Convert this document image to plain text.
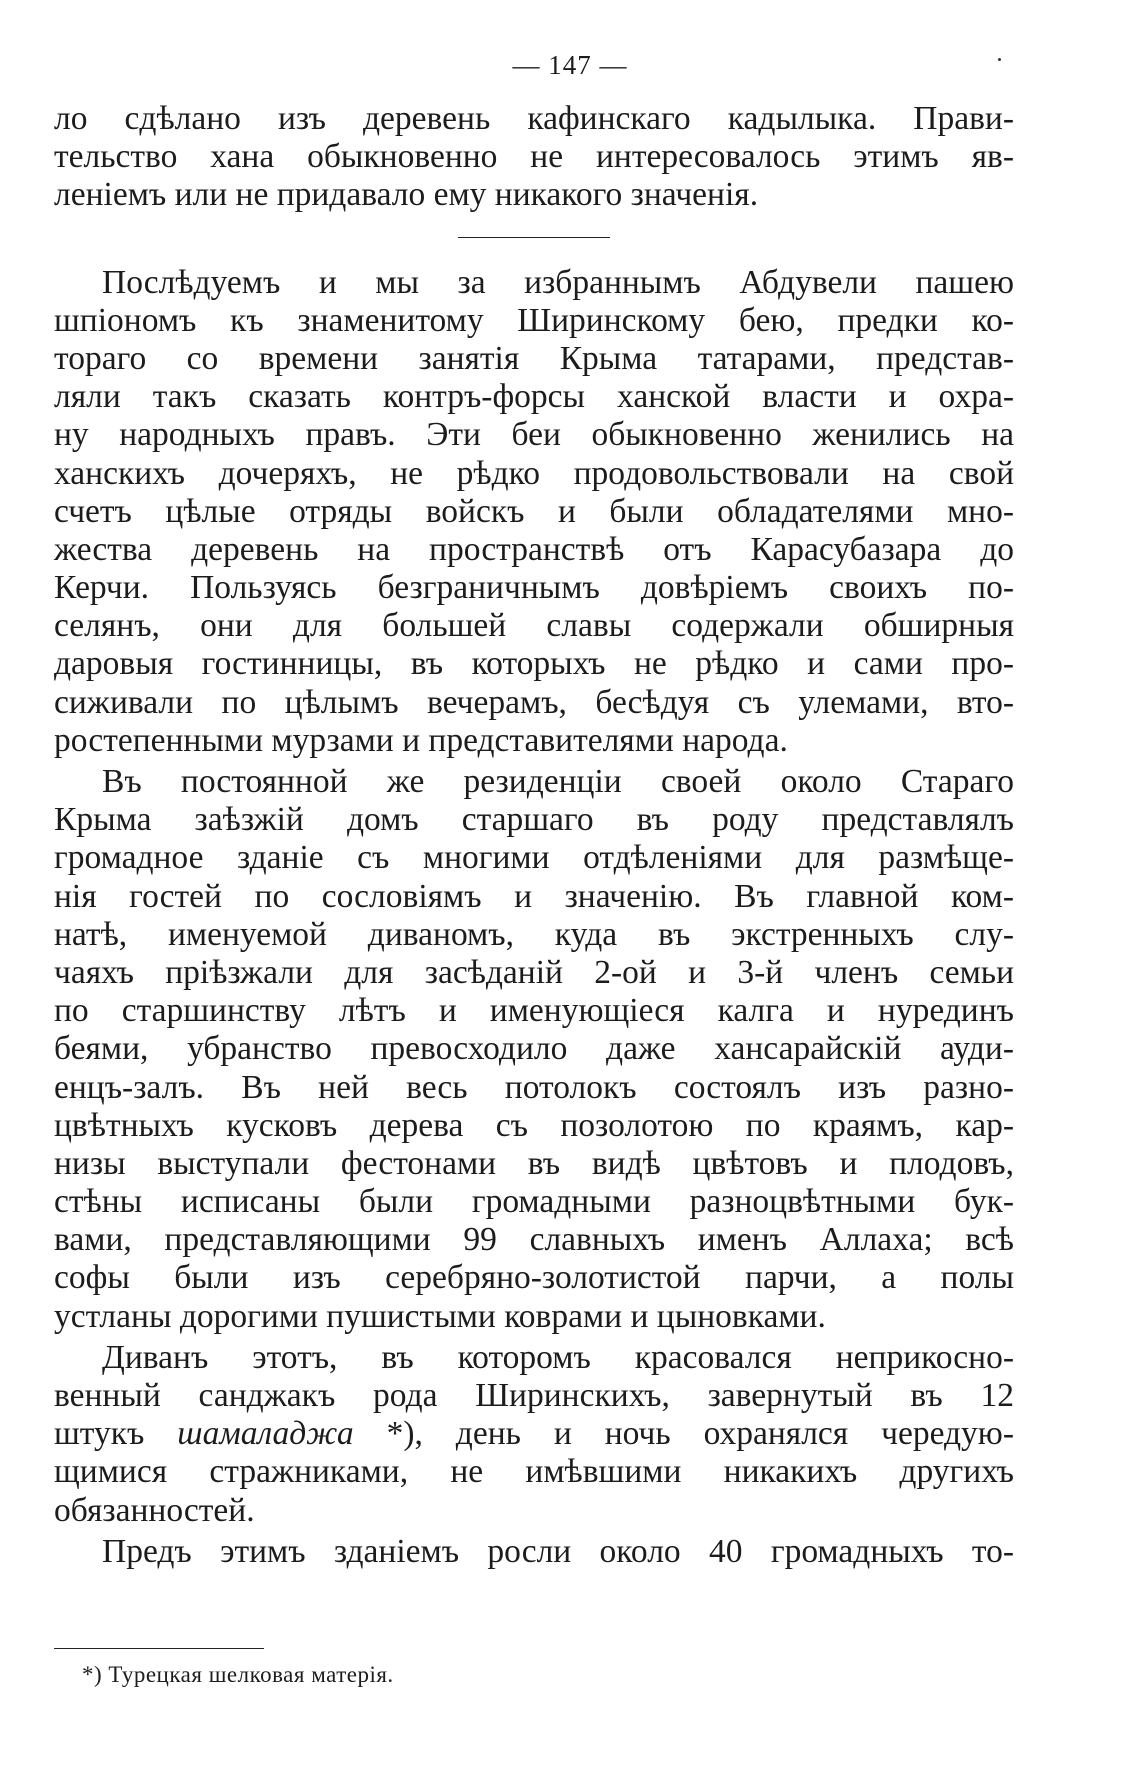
— 147 —
ло сдѣлано изъ деревень кафинскаго кадылыка. Прави-
тельство хана обыкновенно не интересовалось этимъ яв-
ленiемъ или не придавало ему никакого значенiя.
Послѣдуемъ и мы за избраннымъ Абдувели пашею
шпiономъ къ знаменитому Ширинскому бею, предки ко-
тораго со времени занятiя Крыма татарами, представ-
ляли такъ сказать контръ-форсы ханской власти и охра-
ну народныхъ правъ. Эти беи обыкновенно женились на
ханскихъ дочеряхъ, не рѣдко продовольствовали на свой
счетъ цѣлые отряды войскъ и были обладателями мно-
жества деревень на пространствѣ отъ Карасубазара до
Керчи. Пользуясь безграничнымъ довѣрiемъ своихъ по-
селянъ, они для большей славы содержали обширныя
даровыя гостинницы, въ которыхъ не рѣдко и сами про-
сиживали по цѣлымъ вечерамъ, бесѣдуя съ улемами, вто-
ростепенными мурзами и представителями народа.
Въ постоянной же резиденцiи своей около Стараго
Крыма заѣзжiй домъ старшаго въ роду представлялъ
громадное зданiе съ многими отдѣленiями для размѣще-
нiя гостей по сословiямъ и значенiю. Въ главной ком-
натѣ, именуемой диваномъ, куда въ экстренныхъ слу-
чаяхъ прiѣзжали для засѣданiй 2-ой и 3-й членъ семьи
по старшинству лѣтъ и именующiеся калга и нурединъ
беями, убранство превосходило даже хансарайскiй ауди-
енцъ-залъ. Въ ней весь потолокъ состоялъ изъ разно-
цвѣтныхъ кусковъ дерева съ позолотою по краямъ, кар-
низы выступали фестонами въ видѣ цвѣтовъ и плодовъ,
стѣны исписаны были громадными разноцвѣтными бук-
вами, представляющими 99 славныхъ именъ Аллаха; всѣ
софы были изъ серебряно-золотистой парчи, а полы
устланы дорогими пушистыми коврами и цыновками.
Диванъ этотъ, въ которомъ красовался неприкосно-
венный санджакъ рода Ширинскихъ, завернутый въ 12
штукъ шамаладжа *), день и ночь охранялся чередую-
щимися стражниками, не имѣвшими никакихъ другихъ
обязанностей.
Предъ этимъ зданiемъ росли около 40 громадныхъ то-
*) Турецкая шелковая матерiя.
